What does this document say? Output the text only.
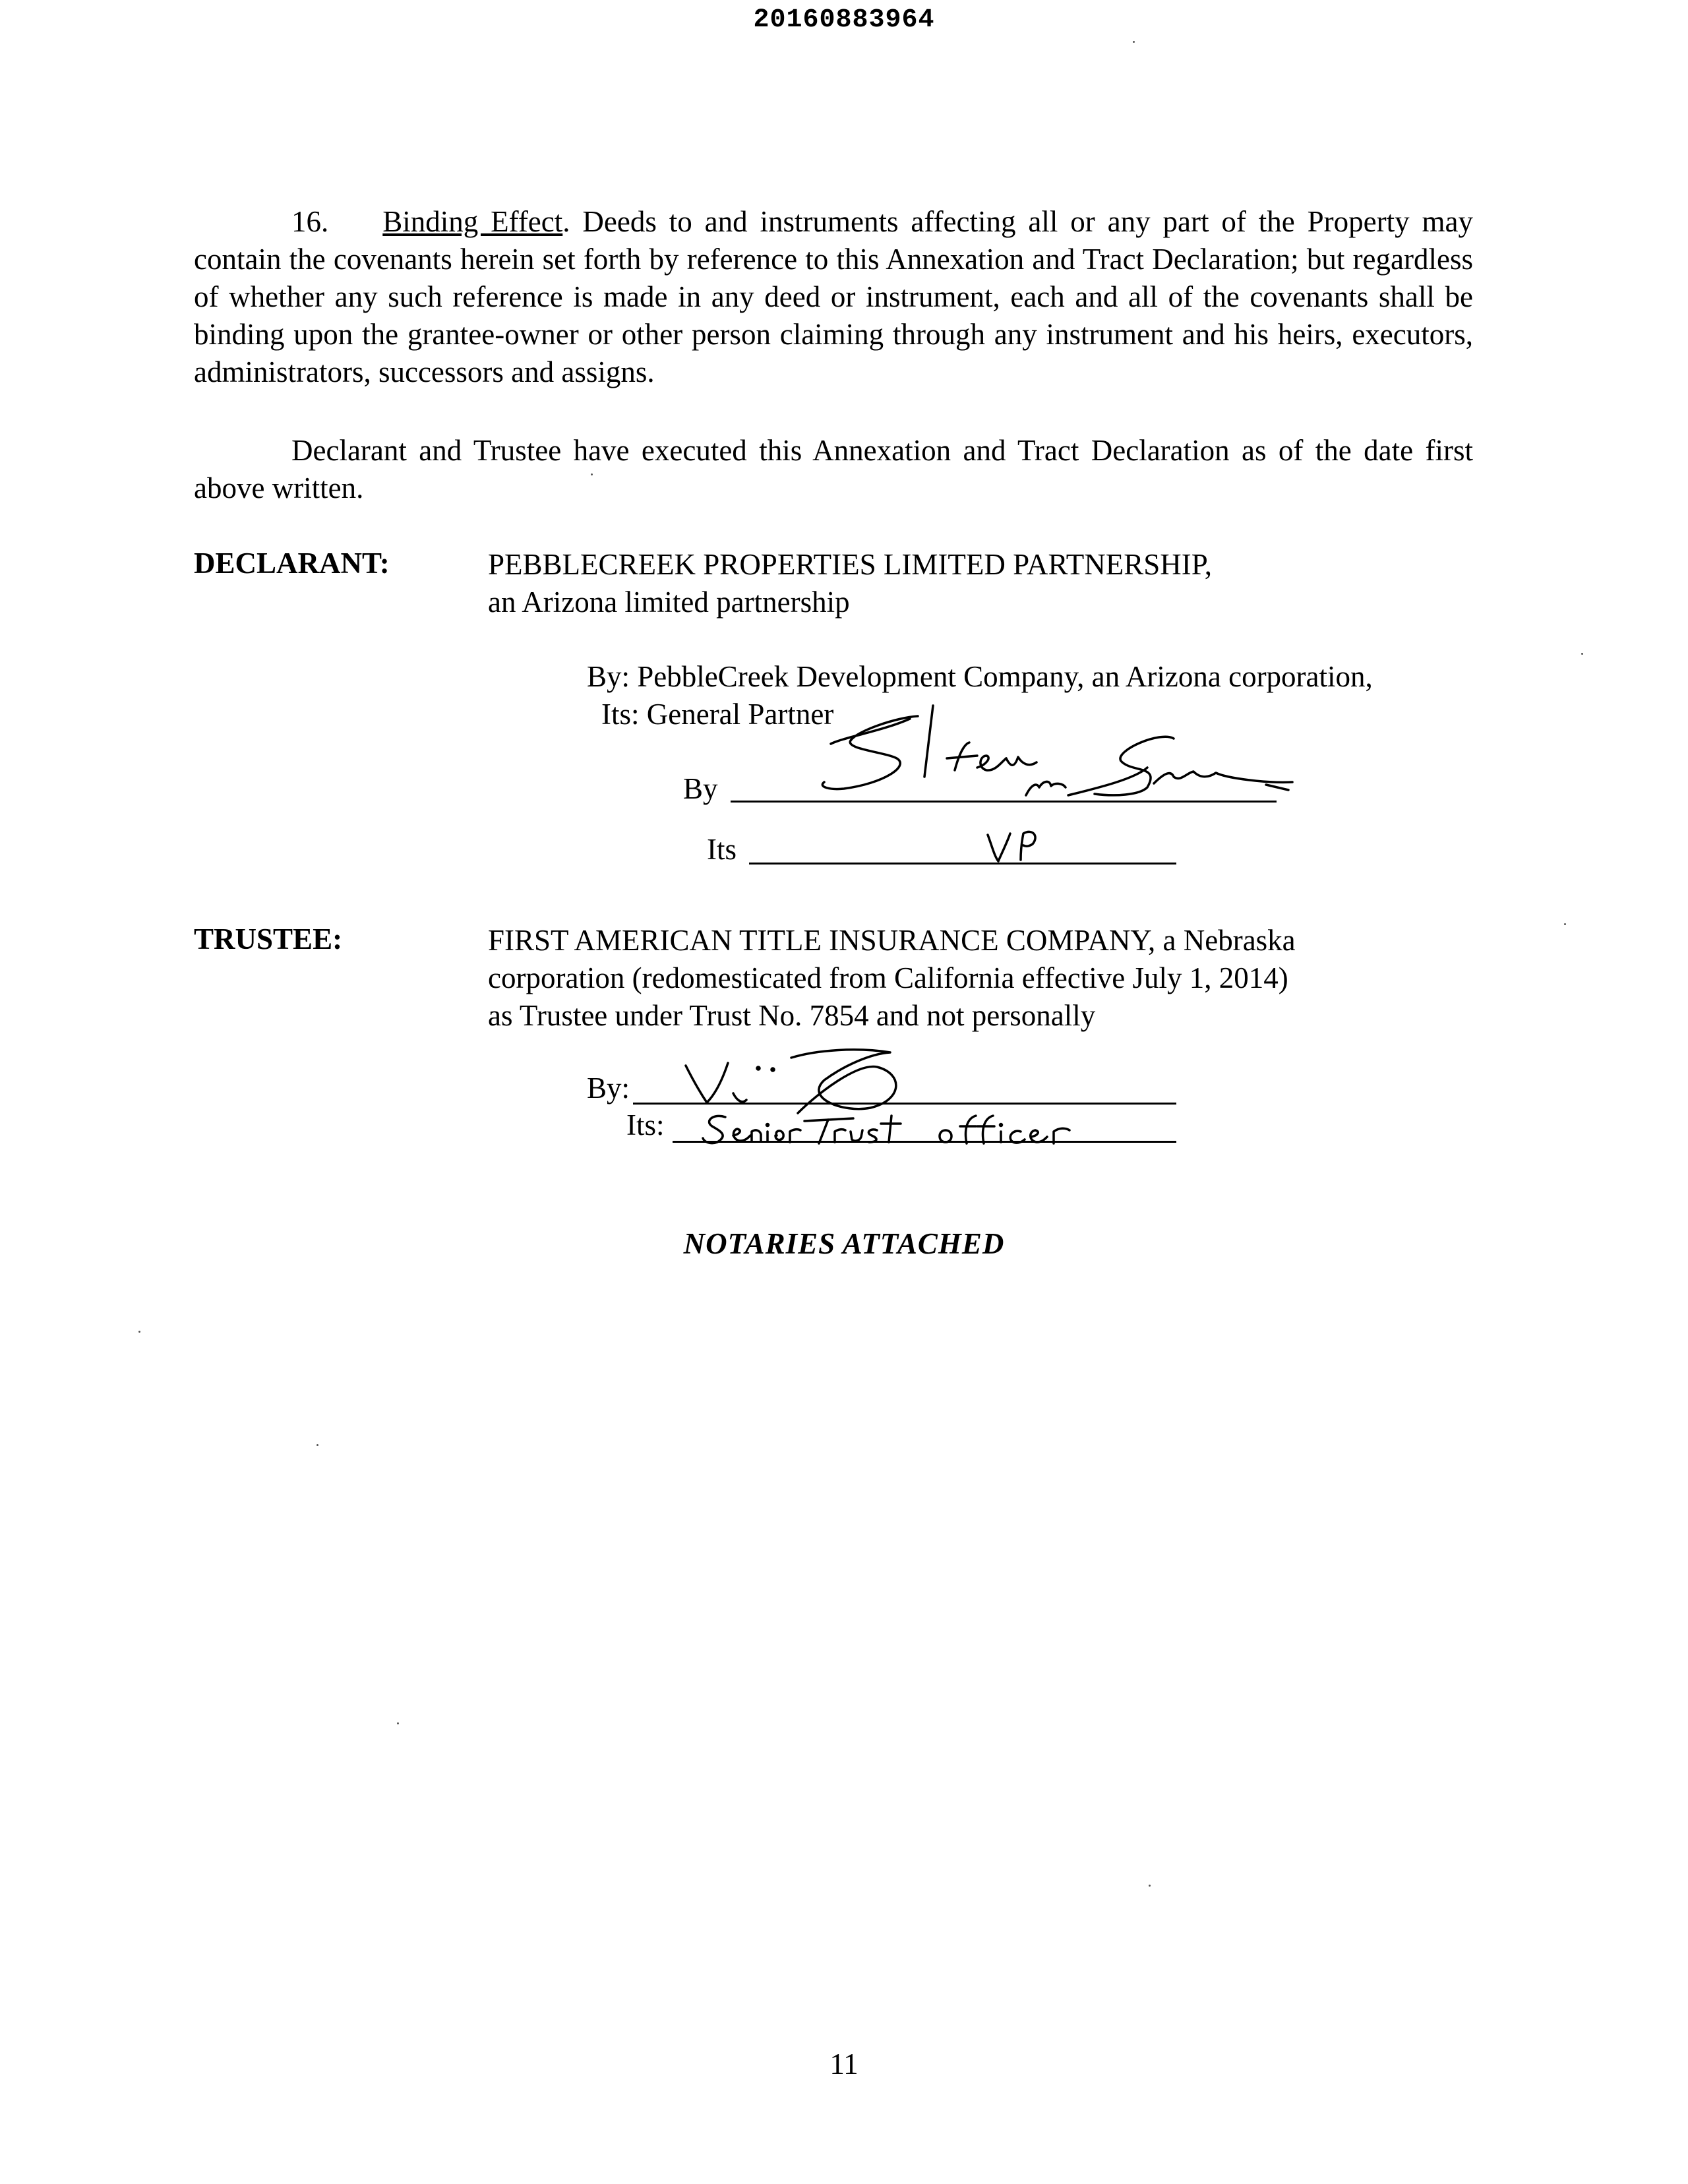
20160883964
16. Binding Effect. Deeds to and instruments affecting all or any part of the Property may contain the covenants herein set forth by reference to this Annexation and Tract Declaration; but regardless of whether any such reference is made in any deed or instrument, each and all of the covenants shall be binding upon the grantee-owner or other person claiming through any instrument and his heirs, executors, administrators, successors and assigns.
Declarant and Trustee have executed this Annexation and Tract Declaration as of the date first above written.
DECLARANT:	PEBBLECREEK PROPERTIES LIMITED PARTNERSHIP,
an Arizona limited partnership
By: PebbleCreek Development Company, an Arizona corporation,
Its: General Partner
By
Its
TRUSTEE:	FIRST AMERICAN TITLE INSURANCE COMPANY, a Nebraska
corporation (redomesticated from California effective July 1, 2014)
as Trustee under Trust No. 7854 and not personally
By:
Its:
NOTARIES ATTACHED
11
